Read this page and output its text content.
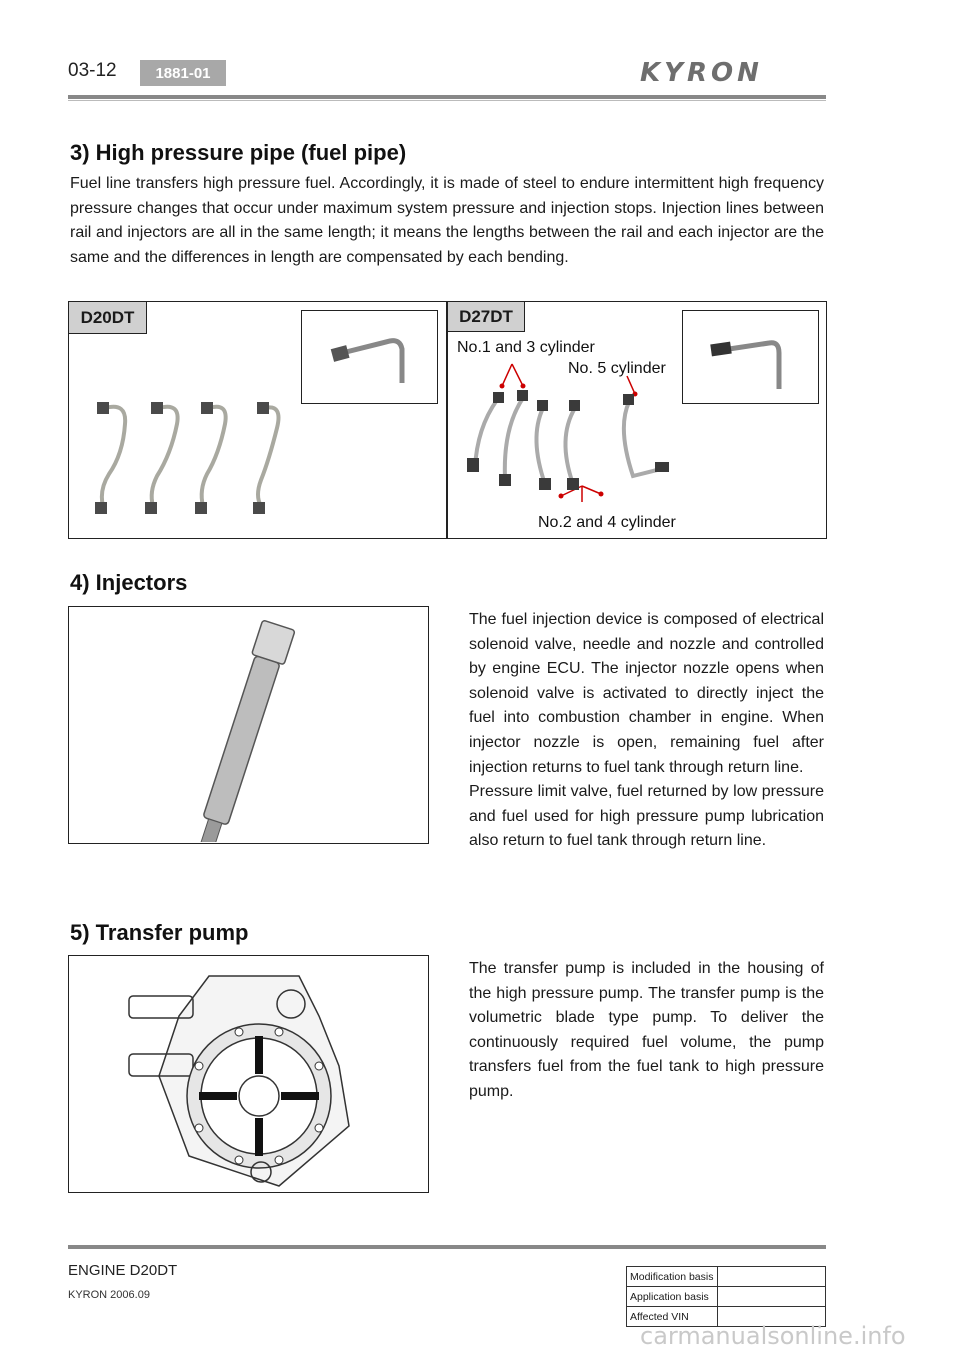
03-12	1881-01	KYRON
3) High pressure pipe (fuel pipe)
Fuel line transfers high pressure fuel. Accordingly, it is made of steel to endure intermittent high frequency pressure changes that occur under maximum system pressure and injection stops. Injection lines between rail and injectors are all in the same length; it means the lengths between the rail and each injector are the same and the differences in length are compensated by each bending.
D20DT	D27DT
No.1 and 3 cylinder
No. 5 cylinder
No.2 and 4 cylinder
4) Injectors
The fuel injection device is composed of electrical solenoid valve, needle and nozzle and controlled by engine ECU. The injector nozzle opens when solenoid valve is activated to directly inject the fuel into combustion chamber in engine. When injector nozzle is open, remaining fuel after injection returns to fuel tank through return line.
Pressure limit valve, fuel returned by low pressure and fuel used for high pressure pump lubrication also return to fuel tank through return line.
5) Transfer pump
The transfer pump is included in the housing of the high pressure pump. The transfer pump is the volumetric blade type pump. To deliver the continuously required fuel volume, the pump transfers fuel from the fuel tank to high pressure pump.
ENGINE D20DT
KYRON 2006.09
Modification basis	
Application basis	
Affected VIN	
carmanualsonline.info
